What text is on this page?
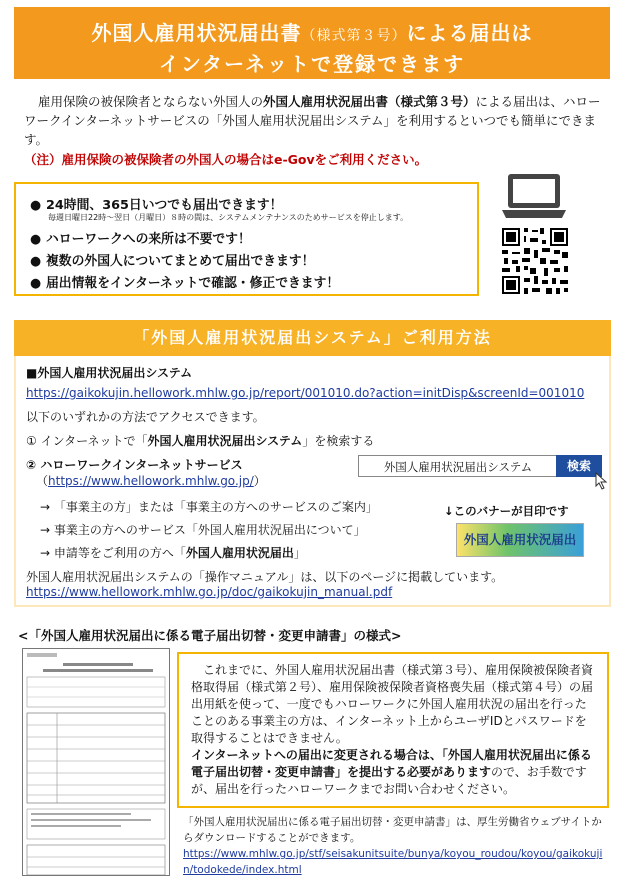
外国人雇用状況届出書（様式第３号）による届出は
インターネットで登録できます
雇用保険の被保険者とならない外国人の外国人雇用状況届出書（様式第３号）による届出は、ハローワークインターネットサービスの「外国人雇用状況届出システム」を利用するといつでも簡単にできます。
（注）雇用保険の被保険者の外国人の場合はe-Govをご利用ください。
● 24時間、365日いつでも届出できます！
毎週日曜日22時〜翌日（月曜日）８時の間は、システムメンテナンスのためサービスを停止します。
● ハローワークへの来所は不要です！
● 複数の外国人についてまとめて届出できます！
● 届出情報をインターネットで確認・修正できます！
「外国人雇用状況届出システム」ご利用方法
■外国人雇用状況届出システム
https://gaikokujin.hellowork.mhlw.go.jp/report/001010.do?action=initDisp&screenId=001010
以下のいずれかの方法でアクセスできます。
① インターネットで「外国人雇用状況届出システム」を検索する
② ハローワークインターネットサービス
（https://www.hellowork.mhlw.go.jp/）
外国人雇用状況届出システム	検索
→ 「事業主の方」または「事業主の方へのサービスのご案内」
→ 事業主の方へのサービス「外国人雇用状況届出について」
→ 申請等をご利用の方へ「外国人雇用状況届出」
↓このバナーが目印です
外国人雇用状況届出
外国人雇用状況届出システムの「操作マニュアル」は、以下のページに掲載しています。
https://www.hellowork.mhlw.go.jp/doc/gaikokujin_manual.pdf
<「外国人雇用状況届出に係る電子届出切替・変更申請書」の様式>

これまでに、外国人雇用状況届出書（様式第３号）、雇用保険被保険者資格取得届（様式第２号）、雇用保険被保険者資格喪失届（様式第４号）の届出用紙を使って、一度でもハローワークに外国人雇用状況の届出を行ったことのある事業主の方は、インターネット上からユーザIDとパスワードを取得することはできません。

インターネットへの届出に変更される場合は、「外国人雇用状況届出に係る電子届出切替・変更申請書」を提出する必要がありますので、お手数ですが、届出を行ったハローワークまでお問い合わせください。

「外国人雇用状況届出に係る電子届出切替・変更申請書」は、厚生労働省ウェブサイトからダウンロードすることができます。
https://www.mhlw.go.jp/stf/seisakunitsuite/bunya/koyou_roudou/koyou/gaikokujin/todokede/index.html
